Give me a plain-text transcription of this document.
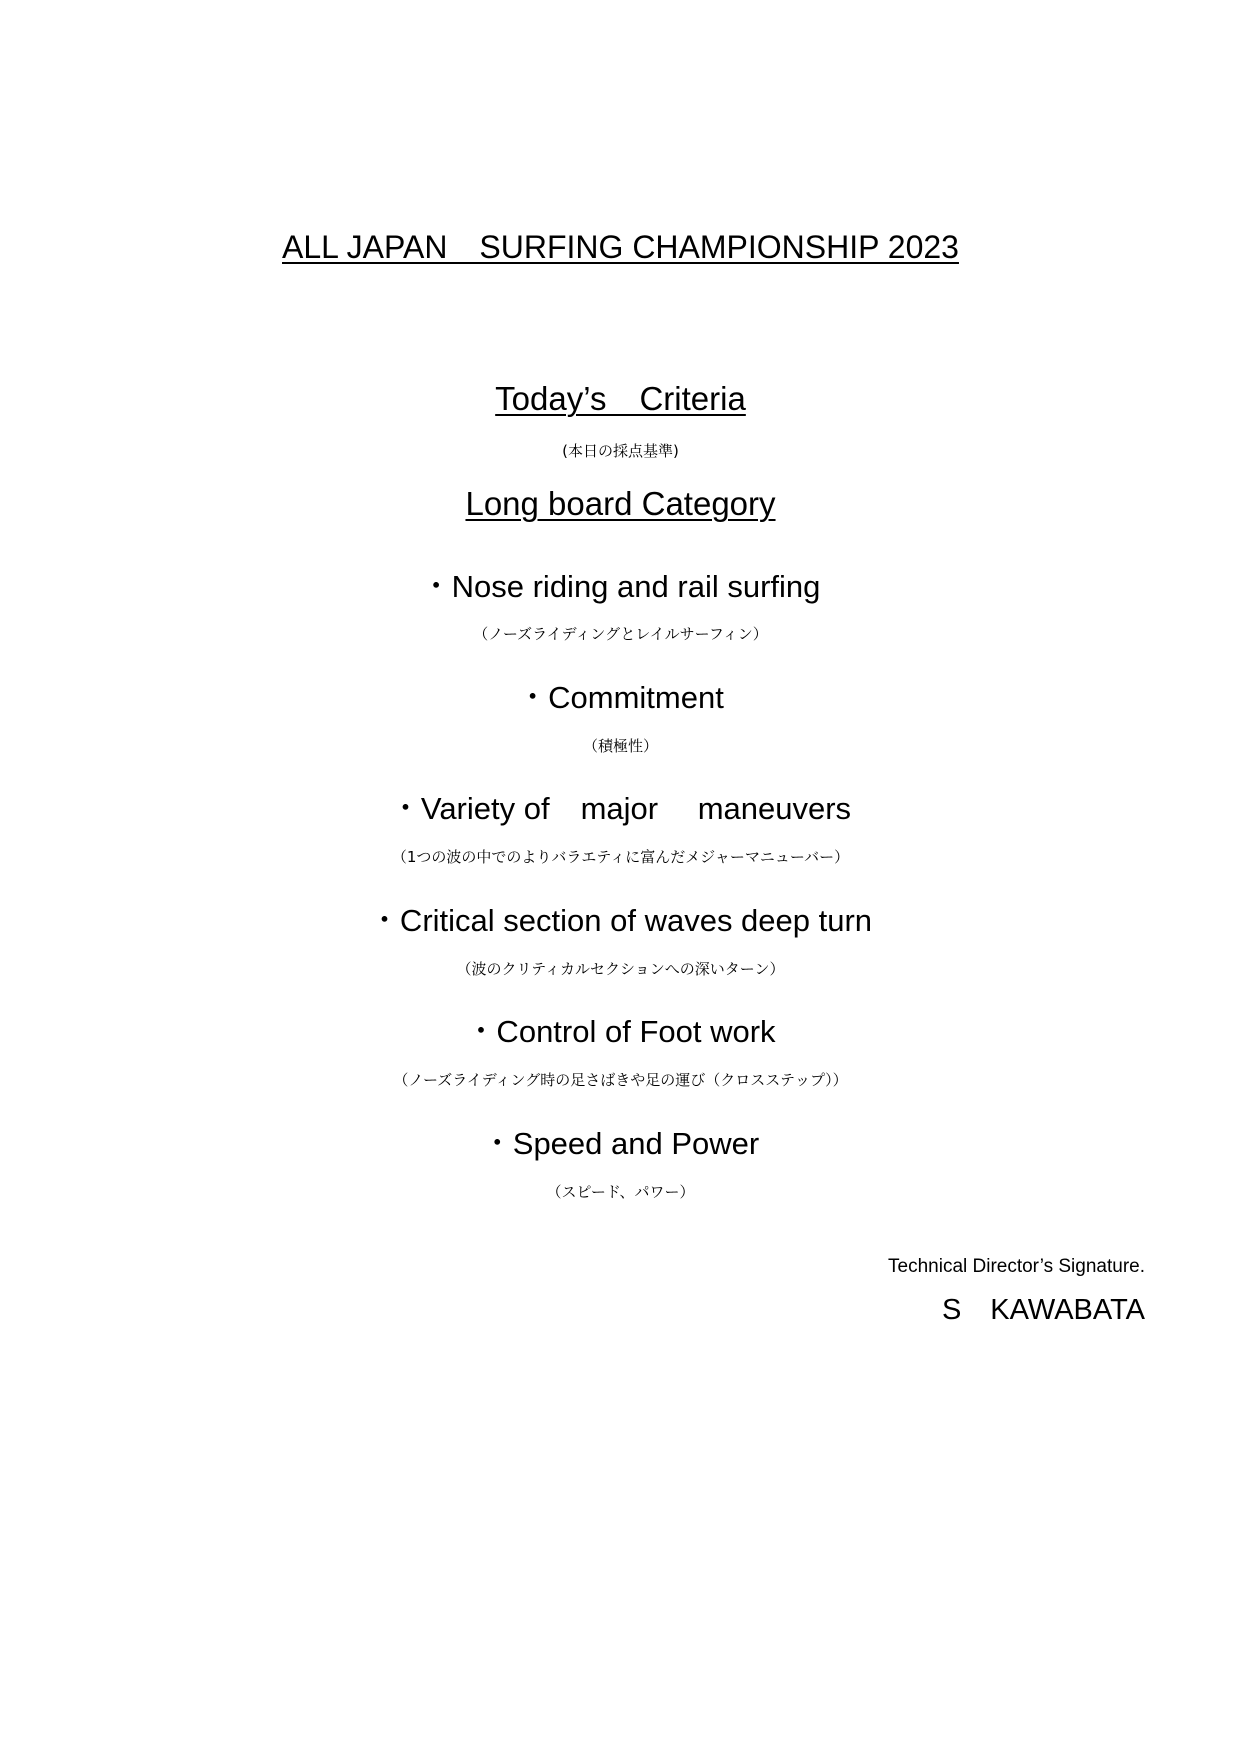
ALL JAPAN　SURFING CHAMPIONSHIP 2023
Today’s　Criteria
(本日の採点基準)
Long board Category
・Nose riding and rail surfing
（ノーズライディングとレイルサーフィン）
・Commitment
（積極性）
・Variety of　major　 maneuvers
（1つの波の中でのよりバラエティに富んだメジャーマニューバー）
・Critical section of waves deep turn
（波のクリティカルセクションへの深いターン）
・Control of Foot work
（ノーズライディング時の足さばきや足の運び（クロスステップ））
・Speed and Power
（スピード、パワー）
Technical Director’s Signature.
S　KAWABATA
